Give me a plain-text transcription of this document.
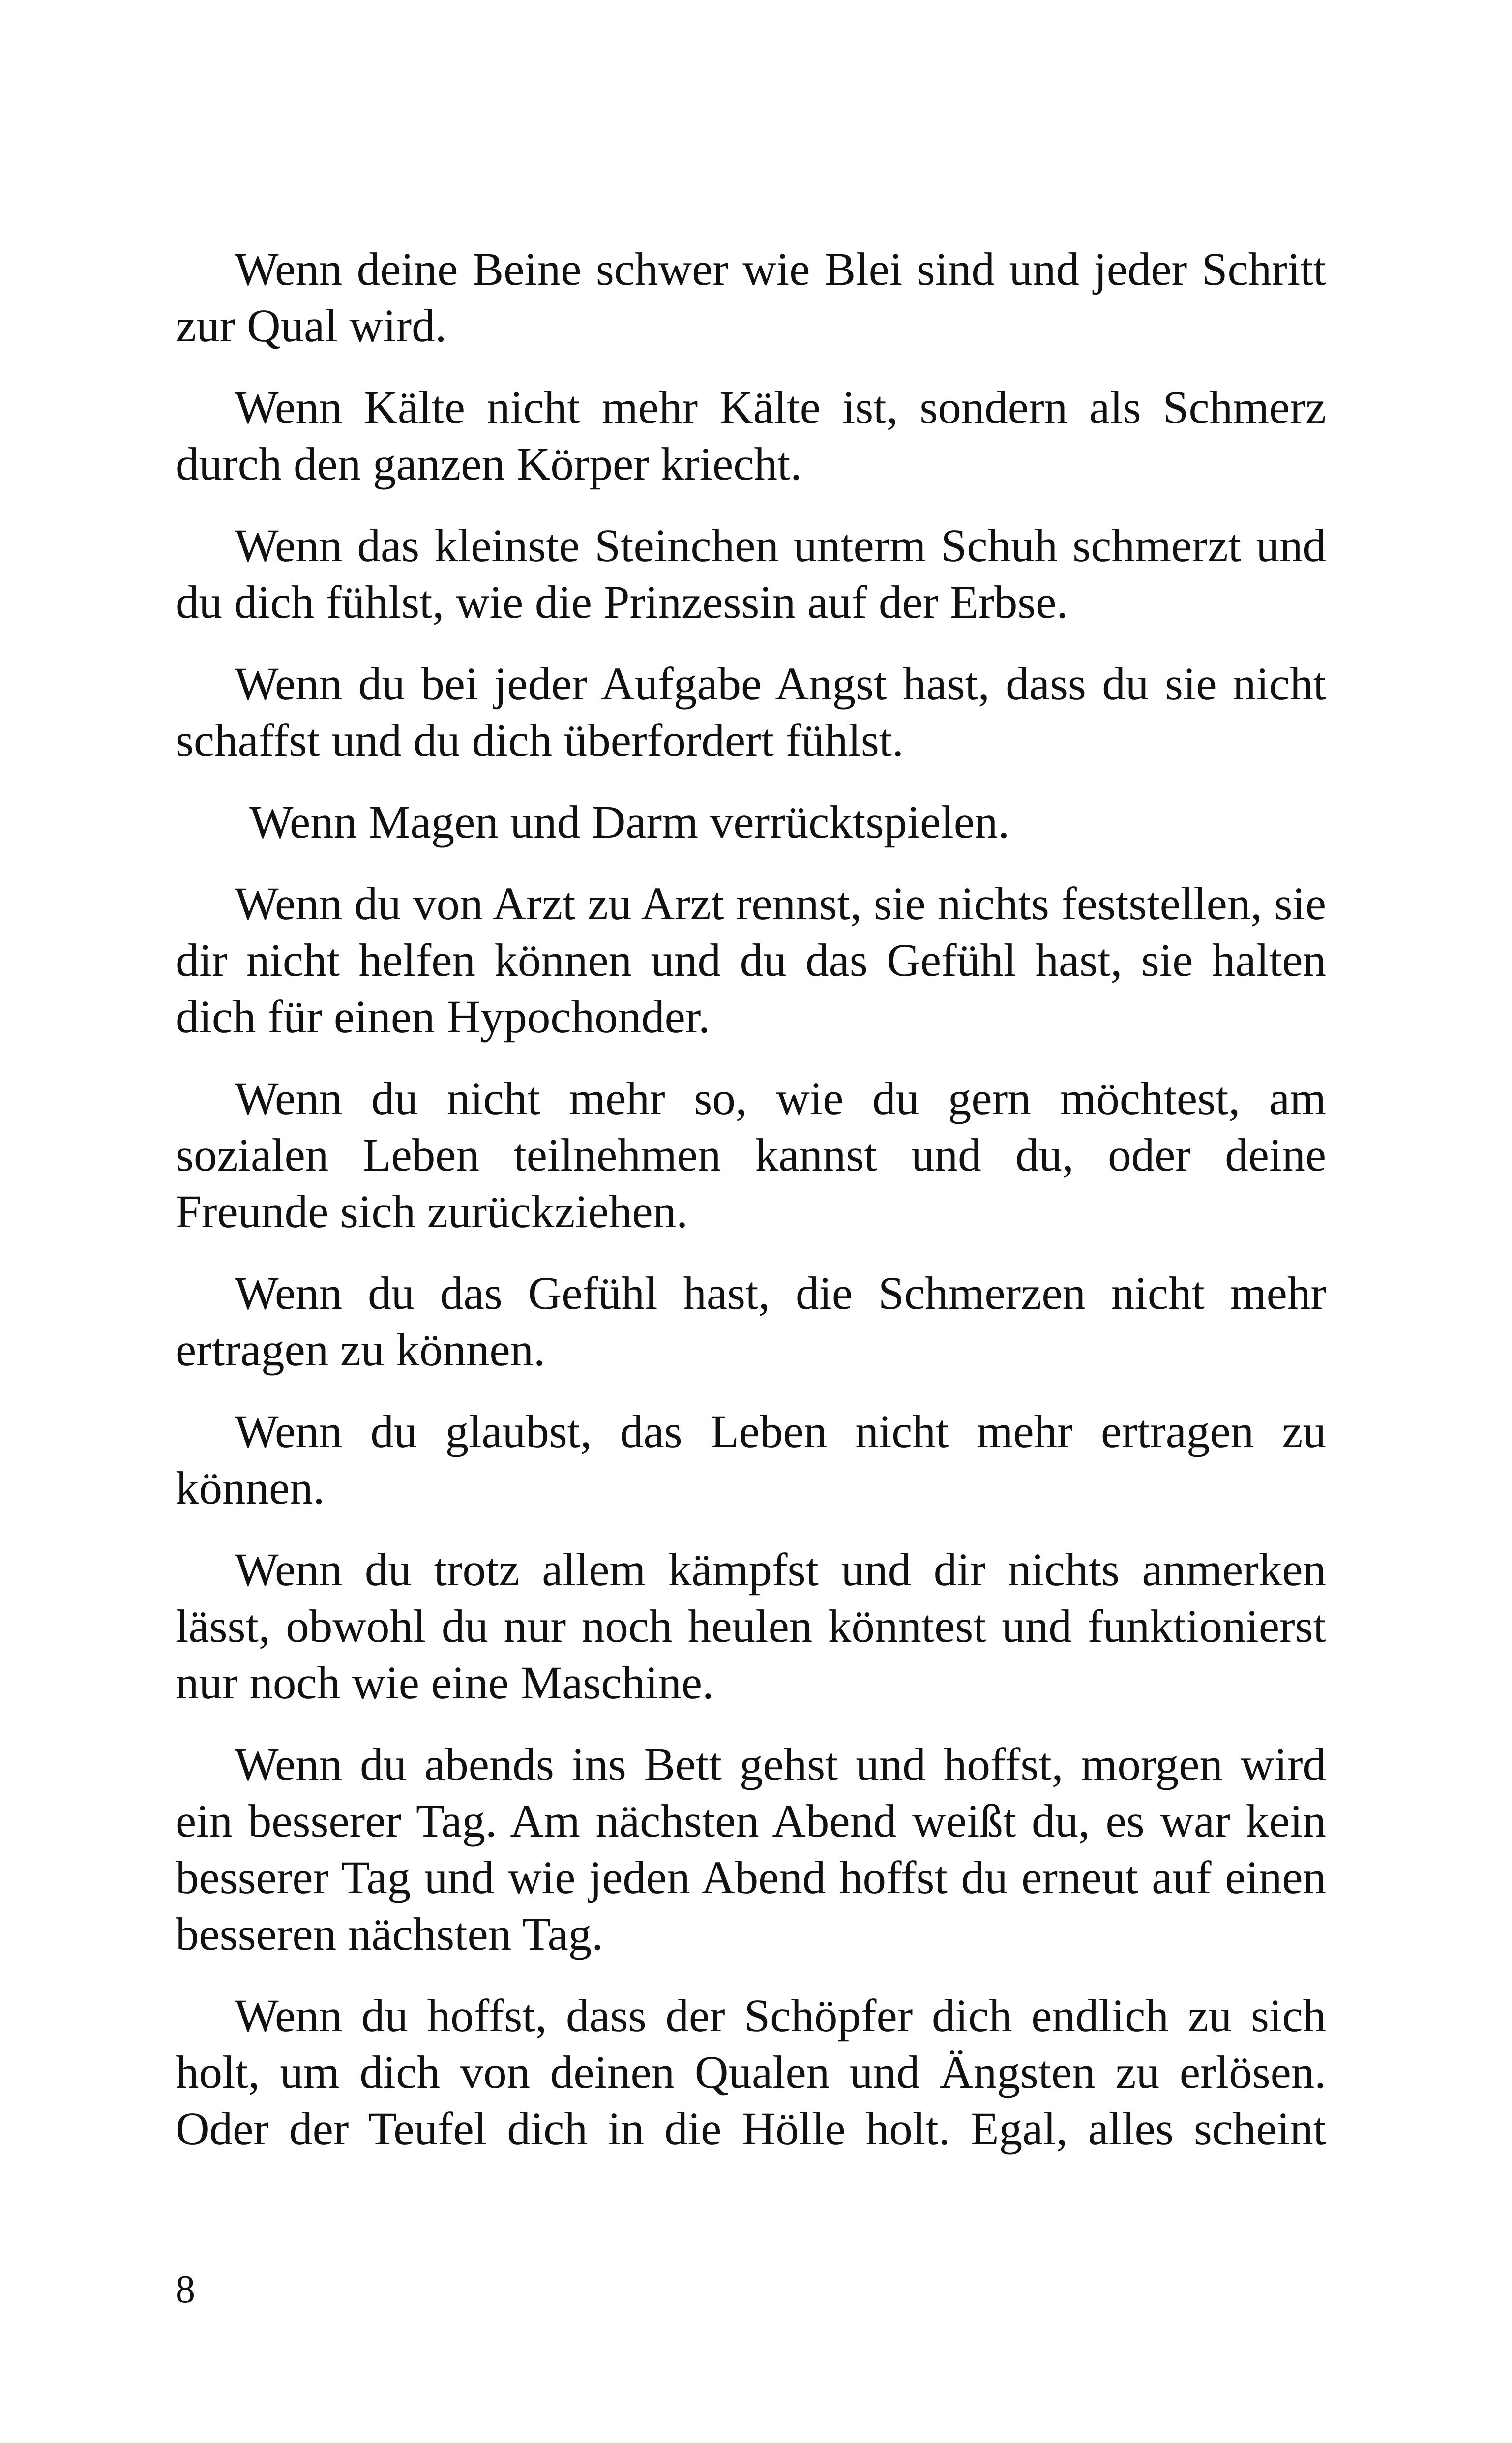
Wenn deine Beine schwer wie Blei sind und jeder Schritt zur Qual wird.

Wenn Kälte nicht mehr Kälte ist, sondern als Schmerz durch den ganzen Körper kriecht.

Wenn das kleinste Steinchen unterm Schuh schmerzt und du dich fühlst, wie die Prinzessin auf der Erbse.

Wenn du bei jeder Aufgabe Angst hast, dass du sie nicht schaffst und du dich überfordert fühlst.

Wenn Magen und Darm verrücktspielen.

Wenn du von Arzt zu Arzt rennst, sie nichts feststellen, sie dir nicht helfen können und du das Gefühl hast, sie halten dich für einen Hypochonder.

Wenn du nicht mehr so, wie du gern möchtest, am sozialen Leben teilnehmen kannst und du, oder deine Freunde sich zurückziehen.

Wenn du das Gefühl hast, die Schmerzen nicht mehr ertragen zu können.

Wenn du glaubst, das Leben nicht mehr ertragen zu können.

Wenn du trotz allem kämpfst und dir nichts anmerken lässt, obwohl du nur noch heulen könntest und funktionierst nur noch wie eine Maschine.

Wenn du abends ins Bett gehst und hoffst, morgen wird ein besserer Tag. Am nächsten Abend weißt du, es war kein besserer Tag und wie jeden Abend hoffst du erneut auf einen besseren nächsten Tag.

Wenn du hoffst, dass der Schöpfer dich endlich zu sich holt, um dich von deinen Qualen und Ängsten zu erlösen. Oder der Teufel dich in die Hölle holt. Egal, alles scheint

8
